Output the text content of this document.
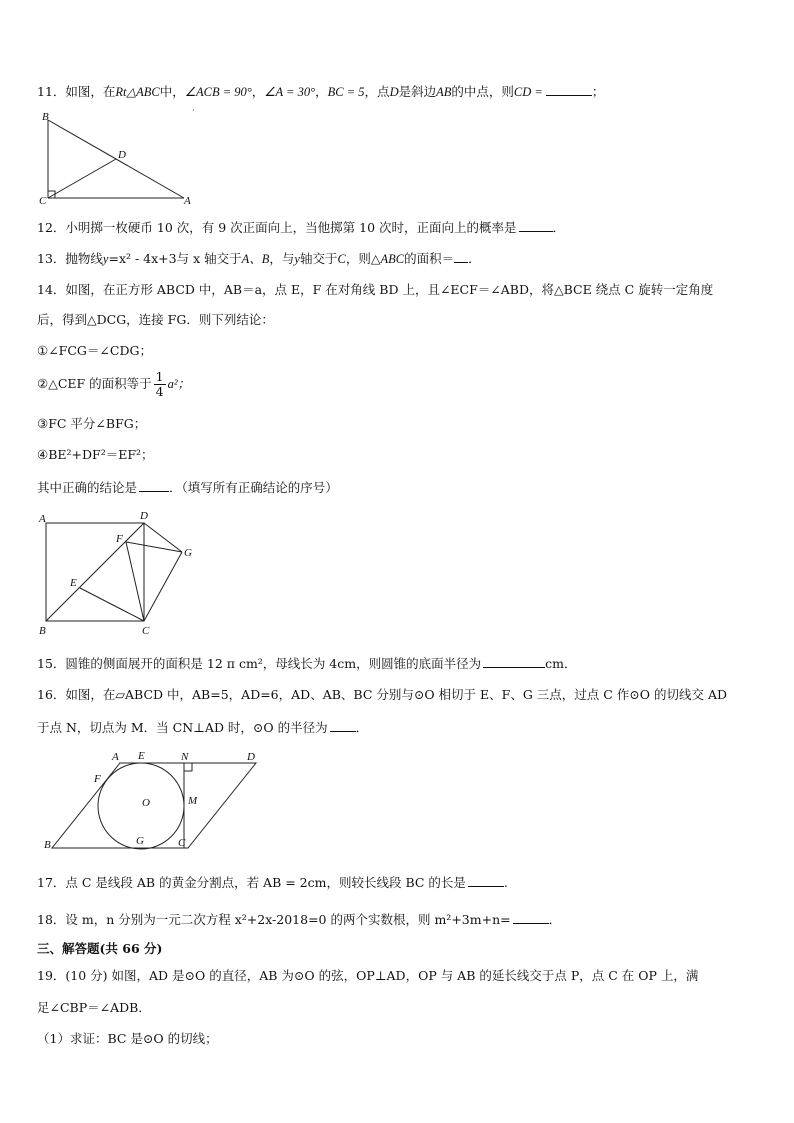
11．如图，在Rt△ABC中，∠ACB = 90°，∠A = 30°，BC = 5，点D是斜边AB的中点，则CD =	；
B
C	A
D
·
12．小明掷一枚硬币 10 次，有 9 次正面向上，当他掷第 10 次时，正面向上的概率是	．
13．抛物线y=x² - 4x+3与 x 轴交于A、B，与y轴交于C，则△ABC的面积＝ ．
14．如图，在正方形 ABCD 中，AB＝a，点 E，F 在对角线 BD 上，且∠ECF＝∠ABD，将△BCE 绕点 C 旋转一定角度
后，得到△DCG，连接 FG．则下列结论：
①∠FCG＝∠CDG；
②△CEF 的面积等于 $\frac{1}{4} a^2$；
③FC 平分∠BFG；
④BE²+DF²＝EF²；
其中正确的结论是	．（填写所有正确结论的序号）
A	D
F
G
E
B	C
15．圆锥的侧面展开的面积是 12 π cm²，母线长为 4cm，则圆锥的底面半径为	cm．
16．如图，在▱ABCD 中，AB=5，AD=6，AD、AB、BC 分别与⊙O 相切于 E、F、G 三点，过点 C 作⊙O 的切线交 AD
于点 N，切点为 M．当 CN⊥AD 时，⊙O 的半径为 ．
A E	N	D
F
O	M
B	G	C
17．点 C 是线段 AB 的黄金分割点，若 AB = 2cm，则较长线段 BC 的长是	.
18．设 m，n 分别为一元二次方程 x²+2x-2018=0 的两个实数根，则 m²+3m+n=	．
三、解答题(共 66 分)
19．(10 分) 如图，AD 是⊙O 的直径，AB 为⊙O 的弦，OP⊥AD，OP 与 AB 的延长线交于点 P，点 C 在 OP 上，满
足∠CBP＝∠ADB．
（1）求证：BC 是⊙O 的切线；
